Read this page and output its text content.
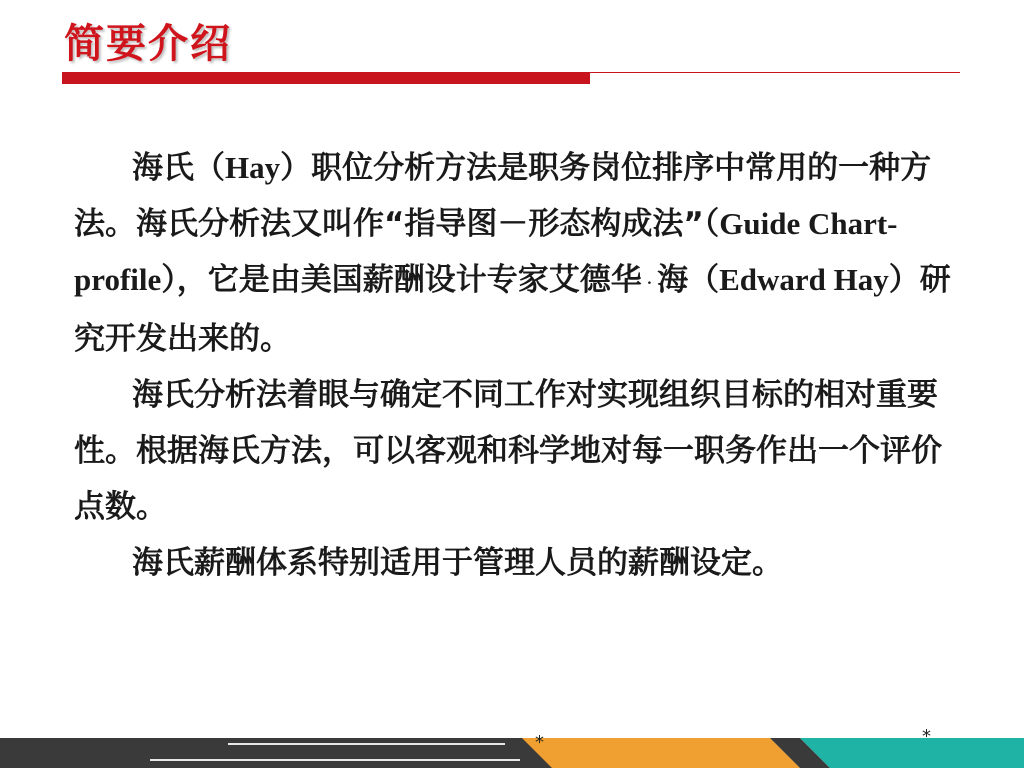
简要介绍

海氏（Hay）职位分析方法是职务岗位排序中常用的一种方法。海氏分析法又叫作“指导图－形态构成法”（Guide Chart-profile），它是由美国薪酬设计专家艾德华 · 海（Edward Hay）研究开发出来的。

海氏分析法着眼与确定不同工作对实现组织目标的相对重要性。根据海氏方法，可以客观和科学地对每一职务作出一个评价点数。

海氏薪酬体系特别适用于管理人员的薪酬设定。

*	*
